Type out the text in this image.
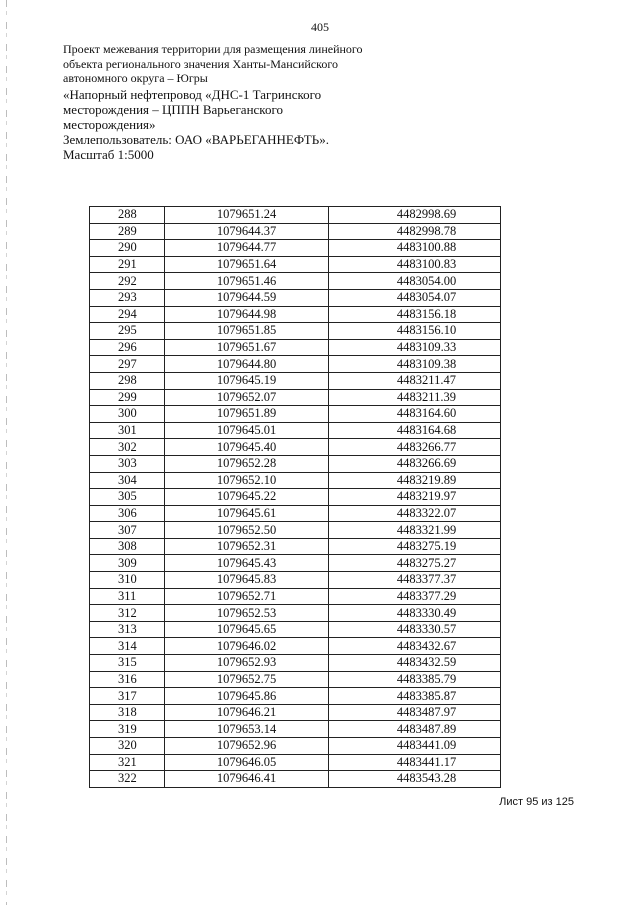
405
Проект межевания территории для размещения линейного
объекта регионального значения Ханты-Мансийского
автономного округа – Югры
«Напорный нефтепровод «ДНС-1 Тагринского
месторождения – ЦППН Варьеганского
месторождения»
Землепользователь: ОАО «ВАРЬЕГАННЕФТЬ».
Масштаб 1:5000
288	1079651.24	4482998.69
289	1079644.37	4482998.78
290	1079644.77	4483100.88
291	1079651.64	4483100.83
292	1079651.46	4483054.00
293	1079644.59	4483054.07
294	1079644.98	4483156.18
295	1079651.85	4483156.10
296	1079651.67	4483109.33
297	1079644.80	4483109.38
298	1079645.19	4483211.47
299	1079652.07	4483211.39
300	1079651.89	4483164.60
301	1079645.01	4483164.68
302	1079645.40	4483266.77
303	1079652.28	4483266.69
304	1079652.10	4483219.89
305	1079645.22	4483219.97
306	1079645.61	4483322.07
307	1079652.50	4483321.99
308	1079652.31	4483275.19
309	1079645.43	4483275.27
310	1079645.83	4483377.37
311	1079652.71	4483377.29
312	1079652.53	4483330.49
313	1079645.65	4483330.57
314	1079646.02	4483432.67
315	1079652.93	4483432.59
316	1079652.75	4483385.79
317	1079645.86	4483385.87
318	1079646.21	4483487.97
319	1079653.14	4483487.89
320	1079652.96	4483441.09
321	1079646.05	4483441.17
322	1079646.41	4483543.28
Лист 95 из 125
